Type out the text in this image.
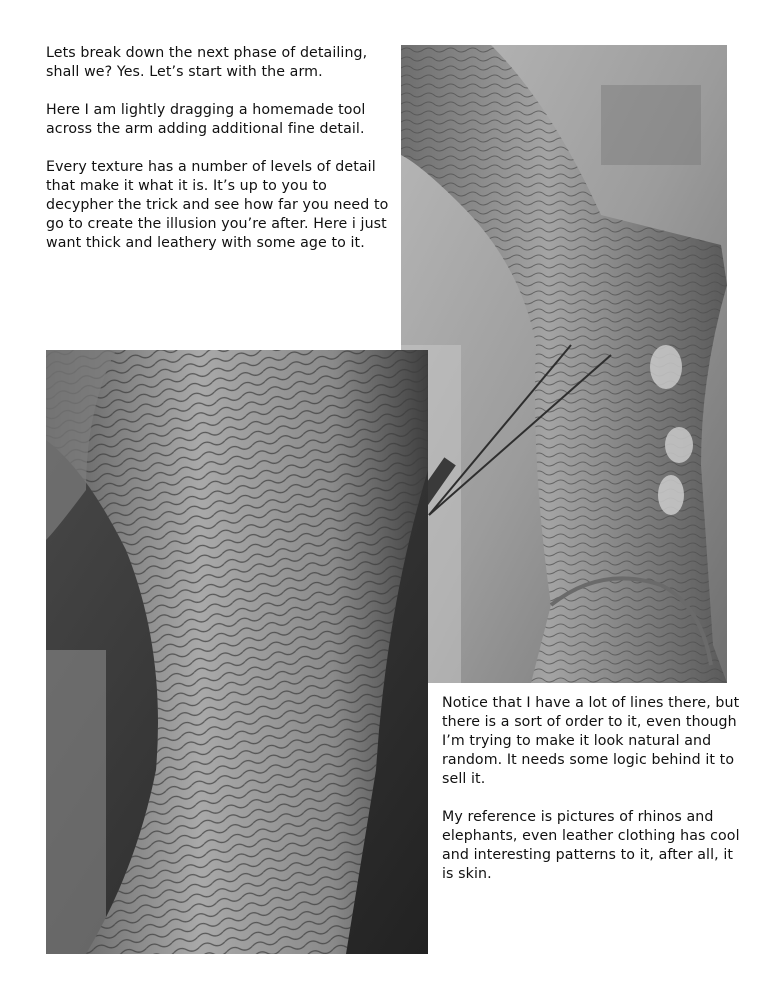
Lets break down the next phase of detailing, shall we? Yes. Let’s start with the arm.

Here I am lightly dragging a homemade tool across the arm adding additional fine detail.

Every texture has a number of levels of detail that make it what it is. It’s up to you to decypher the trick and see how far you need to go to create the illusion you’re after. Here i just want thick and leathery with some age to it.

Notice that I have a lot of lines there, but there is a sort of order to it, even though I’m trying to make it look natural and random. It needs some logic behind it to sell it.

My reference is pictures of rhinos and elephants, even leather clothing has cool and interesting patterns to it, after all, it is skin.
